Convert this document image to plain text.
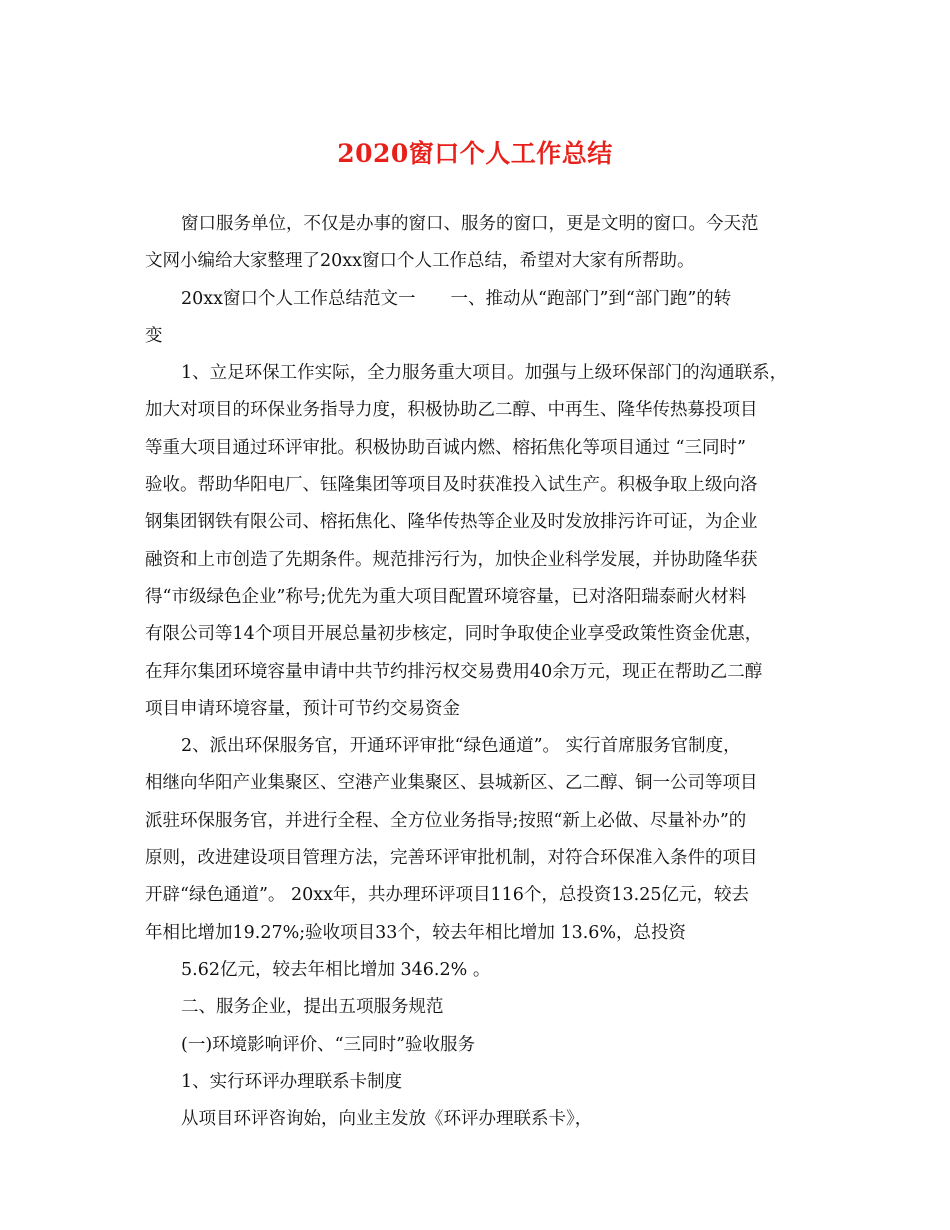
2020窗口个人工作总结
窗口服务单位，不仅是办事的窗口、服务的窗口，更是文明的窗口。今天范
文网小编给大家整理了20xx窗口个人工作总结，希望对大家有所帮助。
20xx窗口个人工作总结范文一　　一、推动从“跑部门”到“部门跑”的转
变
1、立足环保工作实际，全力服务重大项目。加强与上级环保部门的沟通联系，
加大对项目的环保业务指导力度，积极协助乙二醇、中再生、隆华传热募投项目
等重大项目通过环评审批。积极协助百诚内燃、榕拓焦化等项目通过 “三同时”
验收。帮助华阳电厂、钰隆集团等项目及时获准投入试生产。积极争取上级向洛
钢集团钢铁有限公司、榕拓焦化、隆华传热等企业及时发放排污许可证，为企业
融资和上市创造了先期条件。规范排污行为，加快企业科学发展，并协助隆华获
得“市级绿色企业”称号;优先为重大项目配置环境容量，已对洛阳瑞泰耐火材料
有限公司等14个项目开展总量初步核定，同时争取使企业享受政策性资金优惠，
在拜尔集团环境容量申请中共节约排污权交易费用40余万元，现正在帮助乙二醇
项目申请环境容量，预计可节约交易资金
2、派出环保服务官，开通环评审批“绿色通道”。 实行首席服务官制度，
相继向华阳产业集聚区、空港产业集聚区、县城新区、乙二醇、铜一公司等项目
派驻环保服务官，并进行全程、全方位业务指导;按照“新上必做、尽量补办”的
原则，改进建设项目管理方法，完善环评审批机制，对符合环保准入条件的项目
开辟“绿色通道”。 20xx年，共办理环评项目116个，总投资13.25亿元，较去
年相比增加19.27%;验收项目33个，较去年相比增加 13.6%，总投资
5.62亿元，较去年相比增加 346.2% 。
二、服务企业，提出五项服务规范
(一)环境影响评价、“三同时”验收服务
1、实行环评办理联系卡制度
从项目环评咨询始，向业主发放《环评办理联系卡》，
